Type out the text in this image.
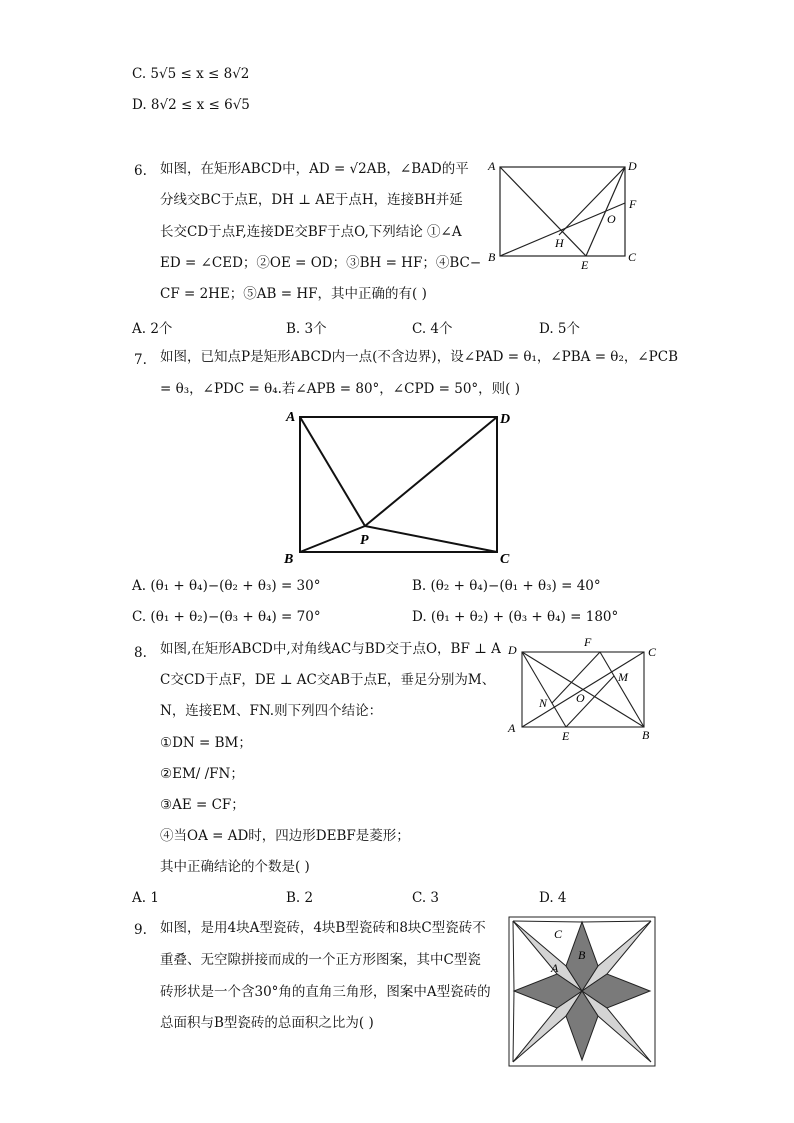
C. 5√5 ≤ x ≤ 8√2
D. 8√2 ≤ x ≤ 6√5
6. 如图，在矩形ABCD中，AD = √2AB，∠BAD的平
分线交BC于点E，DH ⊥ AE于点H，连接BH并延
长交CD于点F,连接DE交BF于点O,下列结论 ①∠A
ED = ∠CED；②OE = OD；③BH = HF；④BC−
CF = 2HE；⑤AB = HF，其中正确的有( )
A. 2个	B. 3个	C. 4个	D. 5个
A	D
F
O
H
B
E
C
7. 如图，已知点P是矩形ABCD内一点(不含边界)，设∠PAD = θ₁，∠PBA = θ₂，∠PCB
= θ₃，∠PDC = θ₄.若∠APB = 80°，∠CPD = 50°，则( )
A	D
P
B	C
A. (θ₁ + θ₄)−(θ₂ + θ₃) = 30°	B. (θ₂ + θ₄)−(θ₁ + θ₃) = 40°
C. (θ₁ + θ₂)−(θ₃ + θ₄) = 70°	D. (θ₁ + θ₂) + (θ₃ + θ₄) = 180°
8. 如图,在矩形ABCD中,对角线AC与BD交于点O，BF ⊥ A
C交CD于点F，DE ⊥ AC交AB于点E，垂足分别为M、
N，连接EM、FN.则下列四个结论：
①DN = BM；
②EM/ /FN；
③AE = CF；
④当OA = AD时，四边形DEBF是菱形；
其中正确结论的个数是( )
F
D	C
M
O
N
A
E	B
A. 1	B. 2	C. 3	D. 4
9. 如图，是用4块A型瓷砖，4块B型瓷砖和8块C型瓷砖不
重叠、无空隙拼接而成的一个正方形图案，其中C型瓷
砖形状是一个含30°角的直角三角形，图案中A型瓷砖的
总面积与B型瓷砖的总面积之比为( )
C
B
A
